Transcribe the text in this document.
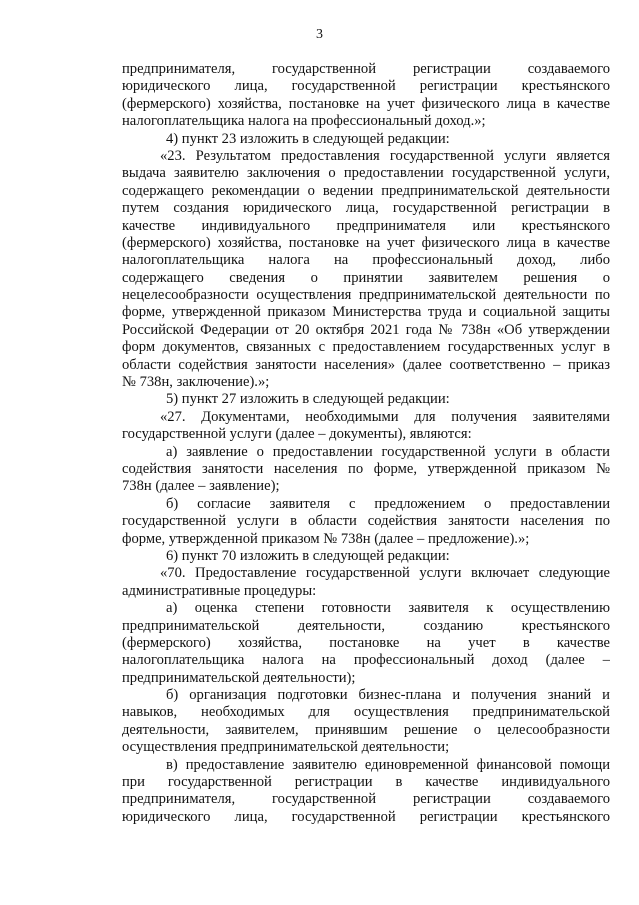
3
предпринимателя, государственной регистрации создаваемого
юридического лица, государственной регистрации крестьянского
(фермерского) хозяйства, постановке на учет физического лица в качестве
налогоплательщика налога на профессиональный доход.»;
4) пункт 23 изложить в следующей редакции:
«23. Результатом предоставления государственной услуги является
выдача заявителю заключения о предоставлении государственной услуги,
содержащего рекомендации о ведении предпринимательской деятельности
путем создания юридического лица, государственной регистрации в
качестве индивидуального предпринимателя или крестьянского
(фермерского) хозяйства, постановке на учет физического лица в качестве
налогоплательщика налога на профессиональный доход, либо
содержащего сведения о принятии заявителем решения о
нецелесообразности осуществления предпринимательской деятельности по
форме, утвержденной приказом Министерства труда и социальной защиты
Российской Федерации от 20 октября 2021 года № 738н «Об утверждении
форм документов, связанных с предоставлением государственных услуг в
области содействия занятости населения» (далее соответственно – приказ
№ 738н, заключение).»;
5) пункт 27 изложить в следующей редакции:
«27. Документами, необходимыми для получения заявителями
государственной услуги (далее – документы), являются:
а) заявление о предоставлении государственной услуги в области
содействия занятости населения по форме, утвержденной приказом №
738н (далее – заявление);
б) согласие заявителя с предложением о предоставлении
государственной услуги в области содействия занятости населения по
форме, утвержденной приказом № 738н (далее – предложение).»;
6) пункт 70 изложить в следующей редакции:
«70. Предоставление государственной услуги включает следующие
административные процедуры:
а) оценка степени готовности заявителя к осуществлению
предпринимательской деятельности, созданию крестьянского
(фермерского) хозяйства, постановке на учет в качестве
налогоплательщика налога на профессиональный доход (далее –
предпринимательской деятельности);
б) организация подготовки бизнес-плана и получения знаний и
навыков, необходимых для осуществления предпринимательской
деятельности, заявителем, принявшим решение о целесообразности
осуществления предпринимательской деятельности;
в) предоставление заявителю единовременной финансовой помощи
при государственной регистрации в качестве индивидуального
предпринимателя, государственной регистрации создаваемого
юридического лица, государственной регистрации крестьянского
